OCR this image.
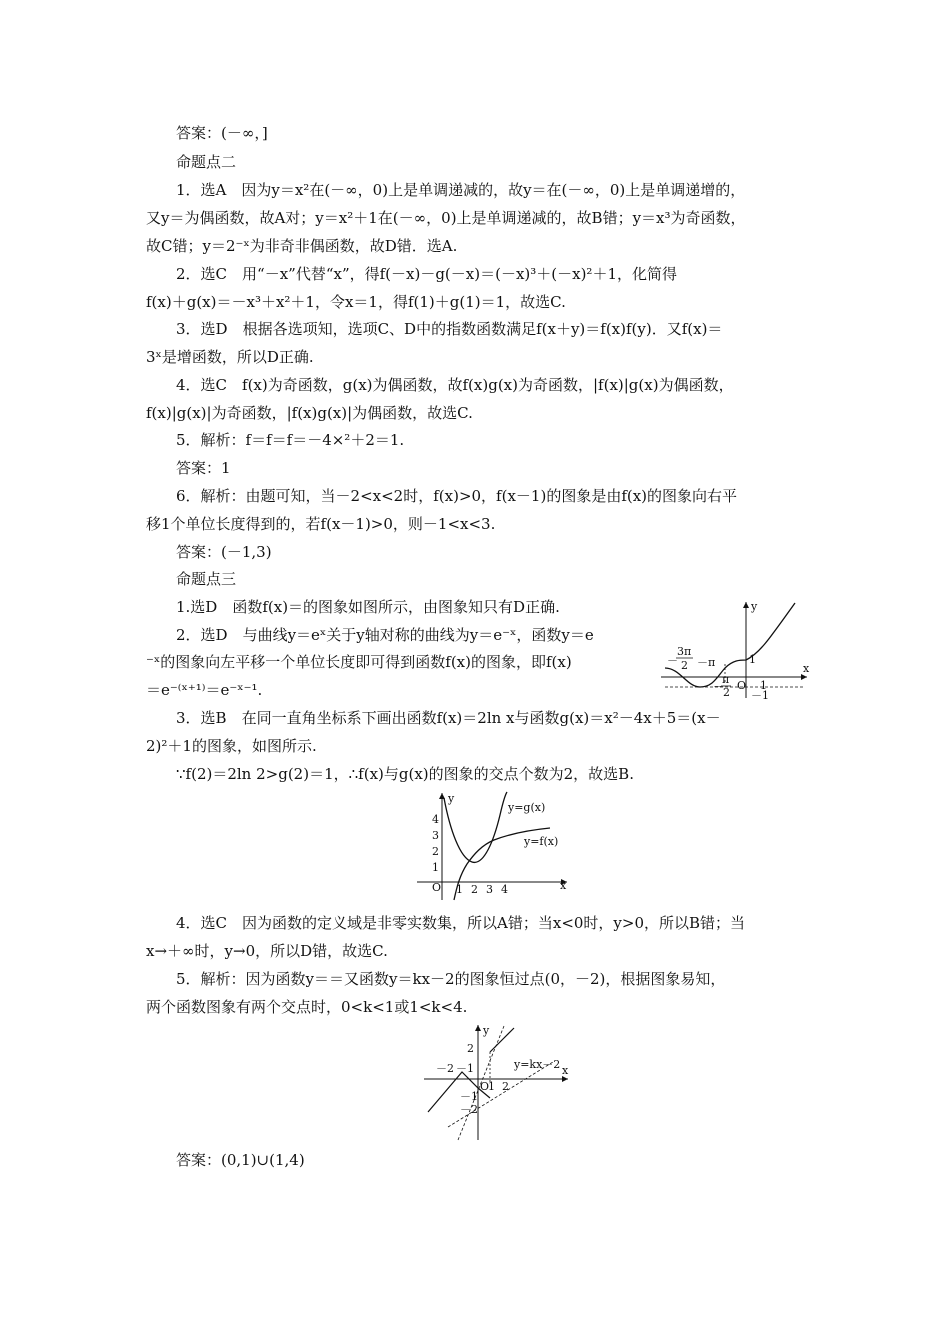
答案：(－∞，]
命题点二
1．选A　因为y＝x²在(－∞，0)上是单调递减的，故y＝在(－∞，0)上是单调递增的，
又y＝为偶函数，故A对；y＝x²＋1在(－∞，0)上是单调递减的，故B错；y＝x³为奇函数，
故C错；y＝2⁻ˣ为非奇非偶函数，故D错．选A.
2．选C　用“－x”代替“x”，得f(－x)－g(－x)＝(－x)³＋(－x)²＋1，化简得
f(x)＋g(x)＝－x³＋x²＋1，令x＝1，得f(1)＋g(1)＝1，故选C.
3．选D　根据各选项知，选项C、D中的指数函数满足f(x＋y)＝f(x)f(y)．又f(x)＝
3ˣ是增函数，所以D正确.
4．选C　f(x)为奇函数，g(x)为偶函数，故f(x)g(x)为奇函数，|f(x)|g(x)为偶函数，
f(x)|g(x)|为奇函数，|f(x)g(x)|为偶函数，故选C.
5．解析：f＝f＝f＝－4×²＋2＝1.
答案：1
6．解析：由题可知，当－2<x<2时，f(x)>0，f(x－1)的图象是由f(x)的图象向右平
移1个单位长度得到的，若f(x－1)>0，则－1<x<3.
答案：(－1,3)
命题点三
1.选D　函数f(x)＝的图象如图所示，由图象知只有D正确.
2．选D　与曲线y＝eˣ关于y轴对称的曲线为y＝e⁻ˣ，函数y＝e
⁻ˣ的图象向左平移一个单位长度即可得到函数f(x)的图象，即f(x)
＝e⁻⁽ˣ⁺¹⁾＝e⁻ˣ⁻¹.
y
x
3π
2
－ －π
π
2
－ O 1
1
－1
3．选B　在同一直角坐标系下画出函数f(x)＝2ln x与函数g(x)＝x²－4x＋5＝(x－
2)²＋1的图象，如图所示.
∵f(2)＝2ln 2>g(2)＝1，∴f(x)与g(x)的图象的交点个数为2，故选B.
y
x
O 1 2 3 4
1
2
3
4
y=g(x)
y=f(x)
4．选C　因为函数的定义域是非零实数集，所以A错；当x<0时，y>0，所以B错；当
x→＋∞时，y→0，所以D错，故选C.
5．解析：因为函数y＝＝又函数y＝kx－2的图象恒过点(0，－2)，根据图象易知，
两个函数图象有两个交点时，0<k<1或1<k<4.
y
x
O
－2 －1
1 2
2
－1
－2
y=kx－2
答案：(0,1)∪(1,4)
